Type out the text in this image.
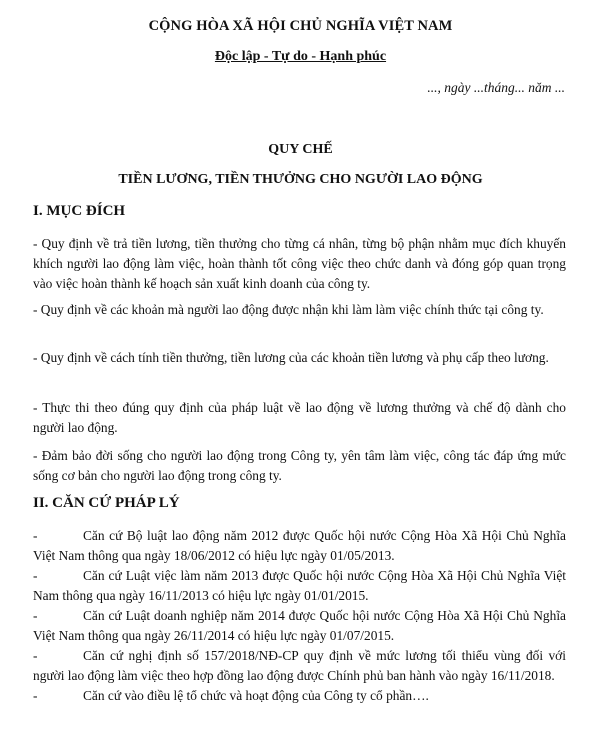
CỘNG HÒA XÃ HỘI CHỦ NGHĨA VIỆT NAM
Độc lập - Tự do - Hạnh phúc
..., ngày ...tháng... năm ...
QUY CHẾ
TIỀN LƯƠNG, TIỀN THƯỞNG CHO NGƯỜI LAO ĐỘNG
I. MỤC ĐÍCH
- Quy định về trả tiền lương, tiền thưởng cho từng cá nhân, từng bộ phận nhằm mục đích khuyến khích người lao động làm việc, hoàn thành tốt công việc theo chức danh và đóng góp quan trọng vào việc hoàn thành kế hoạch sản xuất kinh doanh của công ty.
- Quy định về các khoản mà người lao động được nhận khi làm làm việc chính thức tại công ty.
- Quy định về cách tính tiền thưởng, tiền lương của các khoản tiền lương và phụ cấp theo lương.
- Thực thi theo đúng quy định của pháp luật về lao động về lương thưởng và chế độ dành cho người lao động.
- Đảm bảo đời sống cho người lao động trong Công ty, yên tâm làm việc, công tác đáp ứng mức sống cơ bản cho người lao động trong công ty.
II. CĂN CỨ PHÁP LÝ

-	Căn cứ Bộ luật lao động năm 2012 được Quốc hội nước Cộng Hòa Xã Hội Chủ Nghĩa Việt Nam thông qua ngày 18/06/2012 có hiệu lực ngày 01/05/2013.

-	Căn cứ Luật việc làm năm 2013 được Quốc hội nước Cộng Hòa Xã Hội Chủ Nghĩa Việt Nam thông qua ngày 16/11/2013 có hiệu lực ngày 01/01/2015.

-	Căn cứ Luật doanh nghiệp năm 2014 được Quốc hội nước Cộng Hòa Xã Hội Chủ Nghĩa Việt Nam thông qua ngày 26/11/2014 có hiệu lực ngày 01/07/2015.

-	Căn cứ nghị định số 157/2018/NĐ-CP quy định về mức lương tối thiểu vùng đối với người lao động làm việc theo hợp đồng lao động được Chính phủ ban hành vào ngày 16/11/2018.

-	Căn cứ vào điều lệ tổ chức và hoạt động của Công ty cổ phần….
